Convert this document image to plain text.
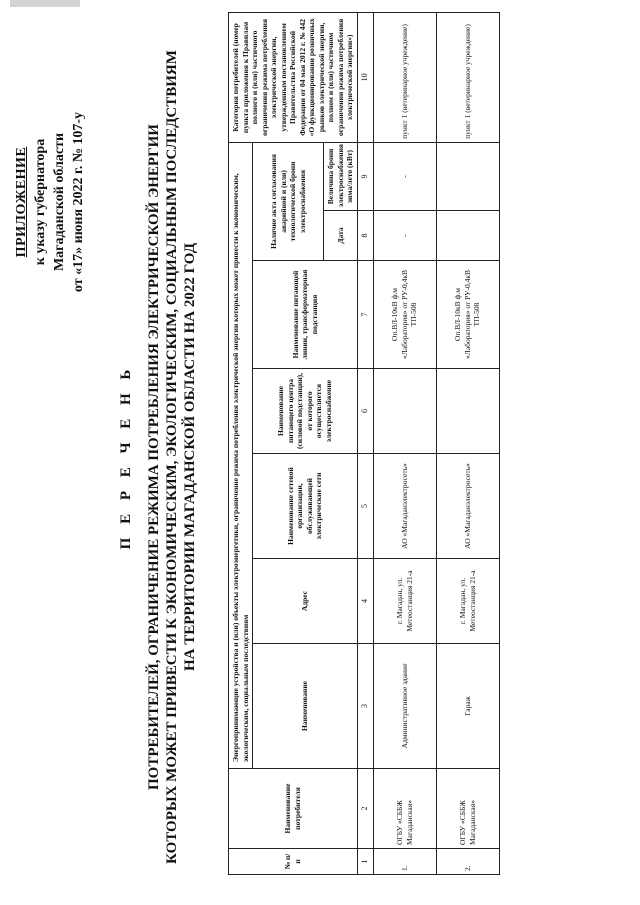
ПРИЛОЖЕНИЕ к указу губернатора Магаданской области от «17» июня 2022 г. № 107-у
П Е Р Е Ч Е Н Ь ПОТРЕБИТЕЛЕЙ, ОГРАНИЧЕНИЕ РЕЖИМА ПОТРЕБЛЕНИЯ ЭЛЕКТРИЧЕСКОЙ ЭНЕРГИИ КОТОРЫХ МОЖЕТ ПРИВЕСТИ К ЭКОНОМИЧЕСКИМ, ЭКОЛОГИЧЕСКИМ, СОЦИАЛЬНЫМ ПОСЛЕДСТВИЯМ НА ТЕРРИТОРИИ МАГАДАНСКОЙ ОБЛАСТИ НА 2022 ГОД
№ п/п	Наименование потребителя	Энергопринимающие устройства и (или) объекты электроэнергетики, ограничение режима потребления электрической энергии которых может привести к экономическим, экологическим, социальным последствиям							Категория потребителей (номер пункта приложения к Правилам полного и (или) частичного ограничения режима потребления электрической энергии, утвержденным постановлением Правительства Российской Федерации от 04 мая 2012 г. № 442 «О функционировании розничных рынков электрической энергии, полном и (или) частичном ограничении режима потребления электрической энергии»)
		Наименование	Адрес	Наименование сетевой организации, обслуживающей электрические сети	Наименование питающего центра (силовой подстанции), от которого осуществляется электроснабжение	Наименование питающей линии, трансформаторная подстанция	Наличие акта согласования аварийной и (или) технологической брони электроснабжения		
							Дата	Величина брони электроснабжения зима/лето (кВт)	
1	2	3	4	5	6	7	8	9	10
1.	ОГБУ «СББЖ Магаданская»	Административное здание	г. Магадан, ул. Метеостанция 21-а	АО «Магаданэлектросеть»		Оп.ВЛ-10кВ ф.м «Лаборатория» от РУ-0,4кВ ТП-508	-	-	пункт 1 (ветеринарное учреждение)
2.	ОГБУ «СББЖ Магаданская»	Гараж	г. Магадан, ул. Метеостанция 21-а	АО «Магаданэлектросеть»		Оп.ВЛ-10кВ ф.м «Лаборатория» от РУ-0,4кВ ТП-508			пункт 1 (ветеринарное учреждение)
